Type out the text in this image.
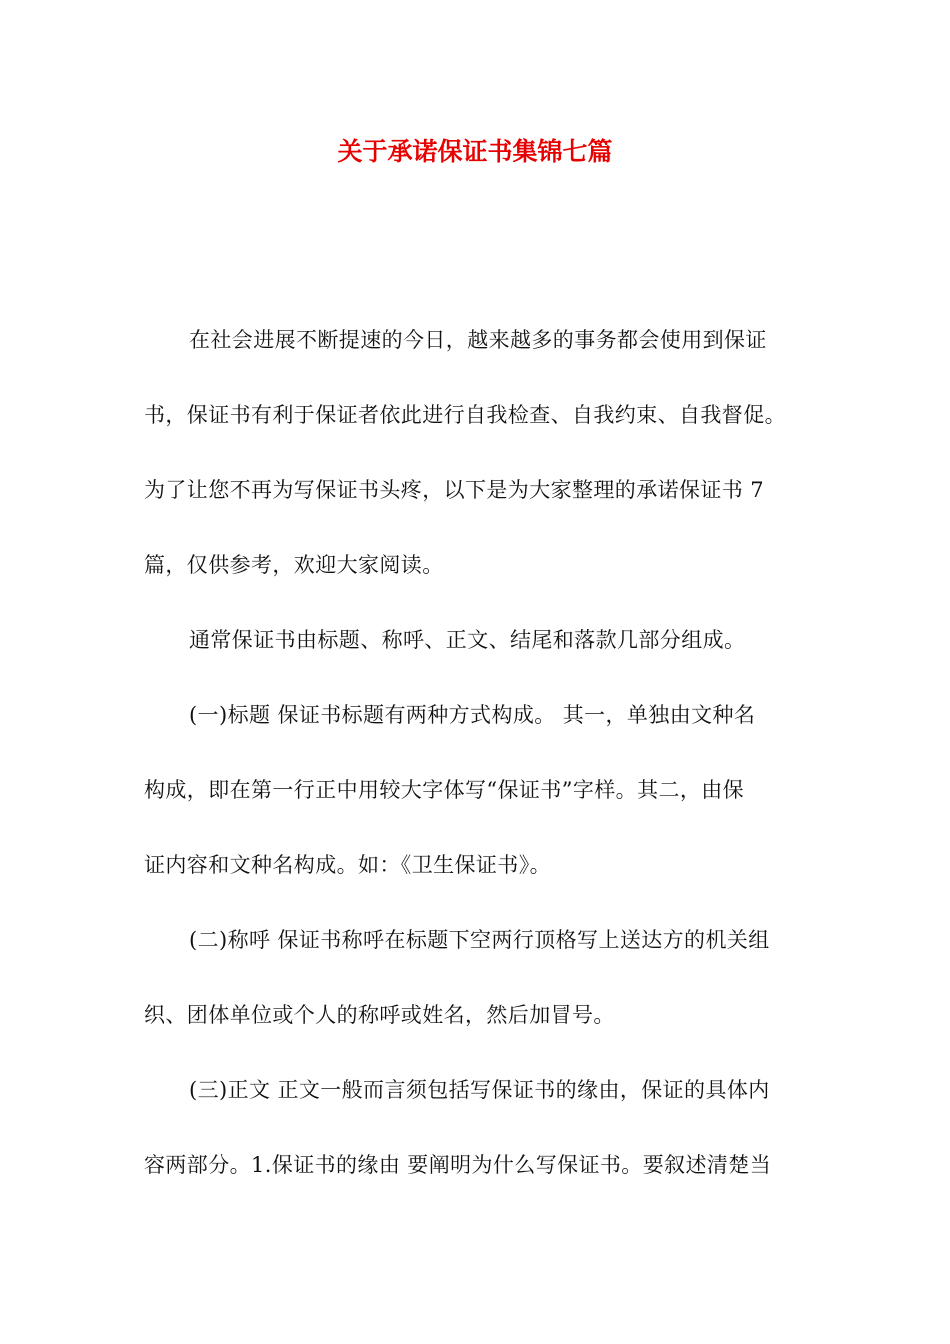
关于承诺保证书集锦七篇
在社会进展不断提速的今日，越来越多的事务都会使用到保证
书，保证书有利于保证者依此进行自我检查、自我约束、自我督促。
为了让您不再为写保证书头疼，以下是为大家整理的承诺保证书 7
篇，仅供参考，欢迎大家阅读。
通常保证书由标题、称呼、正文、结尾和落款几部分组成。
(一)标题 保证书标题有两种方式构成。 其一，单独由文种名
构成，即在第一行正中用较大字体写“保证书”字样。其二，由保
证内容和文种名构成。如：《卫生保证书》。
(二)称呼 保证书称呼在标题下空两行顶格写上送达方的机关组
织、团体单位或个人的称呼或姓名，然后加冒号。
(三)正文 正文一般而言须包括写保证书的缘由，保证的具体内
容两部分。1.保证书的缘由 要阐明为什么写保证书。要叙述清楚当
